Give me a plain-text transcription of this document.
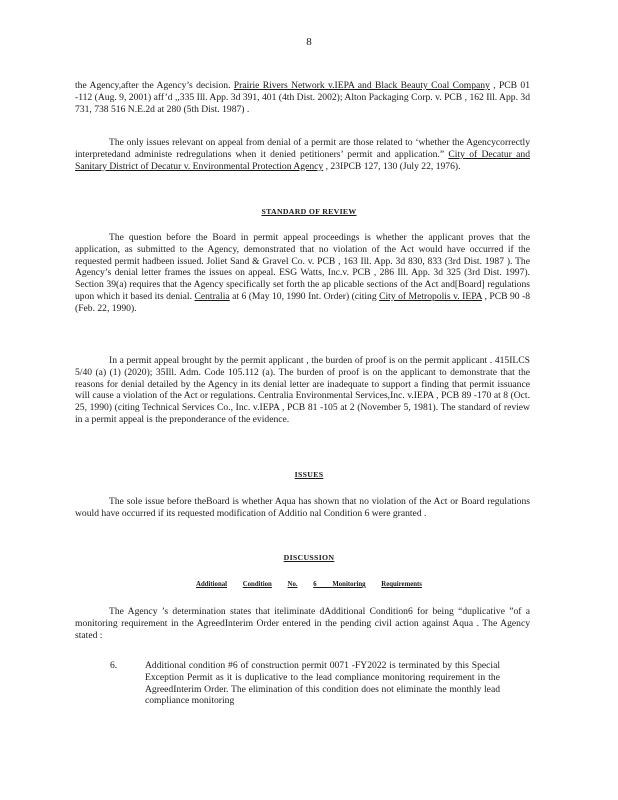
8

the Agency,after the Agency’s decision. Prairie Rivers Network v.IEPA and Black Beauty Coal Company , PCB 01 -112 (Aug. 9, 2001) aff’d ,,335 Ill. App. 3d 391, 401 (4th Dist. 2002); Alton Packaging Corp. v. PCB , 162 Ill. App. 3d 731, 738 516 N.E.2d at 280 (5th Dist. 1987) .

The only issues relevant on appeal from denial of a permit are those related to ‘whether the Agencycorrectly interpretedand administe redregulations when it denied petitioners’ permit and application.” City of Decatur and Sanitary District of Decatur v. Environmental Protection Agency , 23IPCB 127, 130 (July 22, 1976).

STANDARD OF REVIEW

The question before the Board in permit appeal proceedings is whether the applicant proves that the application, as submitted to the Agency, demonstrated that no violation of the Act would have occurred if the requested permit hadbeen issued. Joliet Sand & Gravel Co. v. PCB , 163 Ill. App. 3d 830, 833 (3rd Dist. 1987 ). The Agency’s denial letter frames the issues on appeal. ESG Watts, Inc.v. PCB , 286 Ill. App. 3d 325 (3rd Dist. 1997). Section 39(a) requires that the Agency specifically set forth the ap plicable sections of the Act and[Board] regulations upon which it based its denial. Centralia at 6 (May 10, 1990 Int. Order) (citing City of Metropolis v. IEPA , PCB 90 -8 (Feb. 22, 1990).

In a permit appeal brought by the permit applicant , the burden of proof is on the permit applicant . 415ILCS 5/40 (a) (1) (2020); 35Ill. Adm. Code 105.112 (a). The burden of proof is on the applicant to demonstrate that the reasons for denial detailed by the Agency in its denial letter are inadequate to support a finding that permit issuance will cause a violation of the Act or regulations. Centralia Environmental Services,Inc. v.IEPA , PCB 89 -170 at 8 (Oct. 25, 1990) (citing Technical Services Co., Inc. v.IEPA , PCB 81 -105 at 2 (November 5, 1981). The standard of review in a permit appeal is the preponderance of the evidence.

ISSUES

The sole issue before theBoard is whether Aqua has shown that no violation of the Act or Board regulations would have occurred if its requested modification of Additio nal Condition 6 were granted .

DISCUSSION
Additional Condition No. 6 Monitoring Requirements

The Agency ’s determination states that iteliminate dAdditional Condition6 for being “duplicative ”of a monitoring requirement in the AgreedInterim Order entered in the pending civil action against Aqua . The Agency stated :

6.	Additional condition #6 of construction permit 0071 -FY2022 is terminated by this Special Exception Permit as it is duplicative to the lead compliance monitoring requirement in the AgreedInterim Order. The elimination of this condition does not eliminate the monthly lead compliance monitoring
